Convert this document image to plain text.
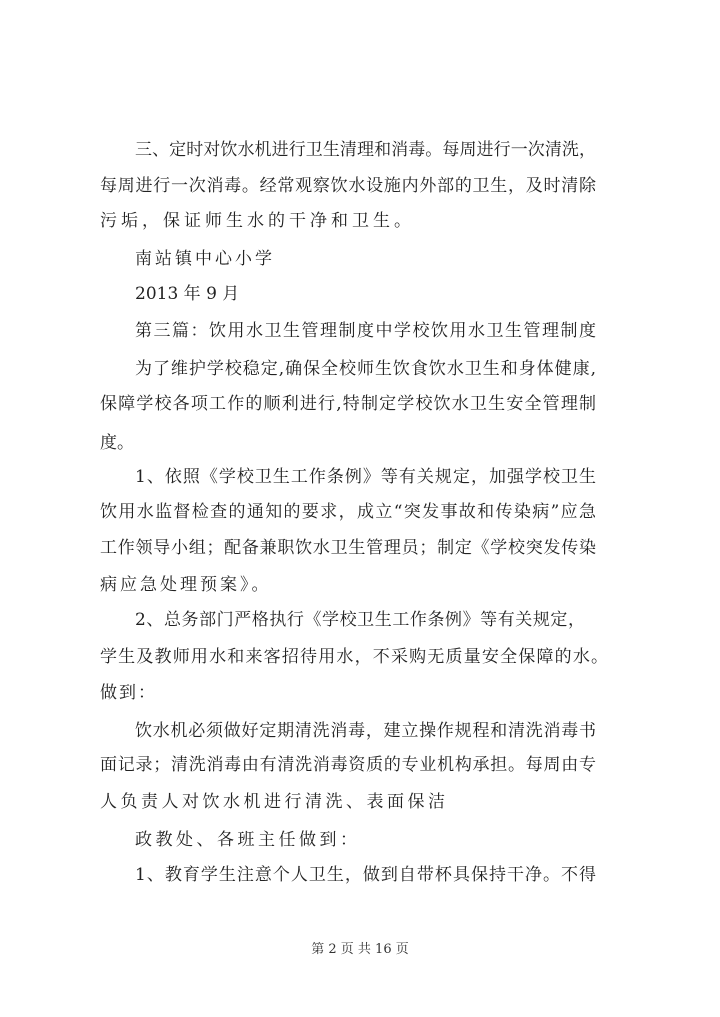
三、定时对饮水机进行卫生清理和消毒。每周进行一次清洗，
每周进行一次消毒。经常观察饮水设施内外部的卫生，及时清除
污垢，保证师生水的干净和卫生。
南站镇中心小学
2013 年 9 月
第三篇：饮用水卫生管理制度中学校饮用水卫生管理制度
为了维护学校稳定,确保全校师生饮食饮水卫生和身体健康,
保障学校各项工作的顺利进行,特制定学校饮水卫生安全管理制
度。
1、依照《学校卫生工作条例》等有关规定，加强学校卫生
饮用水监督检查的通知的要求，成立“突发事故和传染病”应急
工作领导小组；配备兼职饮水卫生管理员；制定《学校突发传染
病应急处理预案》。
2、总务部门严格执行《学校卫生工作条例》等有关规定，
学生及教师用水和来客招待用水，不采购无质量安全保障的水。
做到：
饮水机必须做好定期清洗消毒，建立操作规程和清洗消毒书
面记录；清洗消毒由有清洗消毒资质的专业机构承担。每周由专
人负责人对饮水机进行清洗、表面保洁
政教处、各班主任做到：
1、教育学生注意个人卫生，做到自带杯具保持干净。不得
第 2 页 共 16 页
